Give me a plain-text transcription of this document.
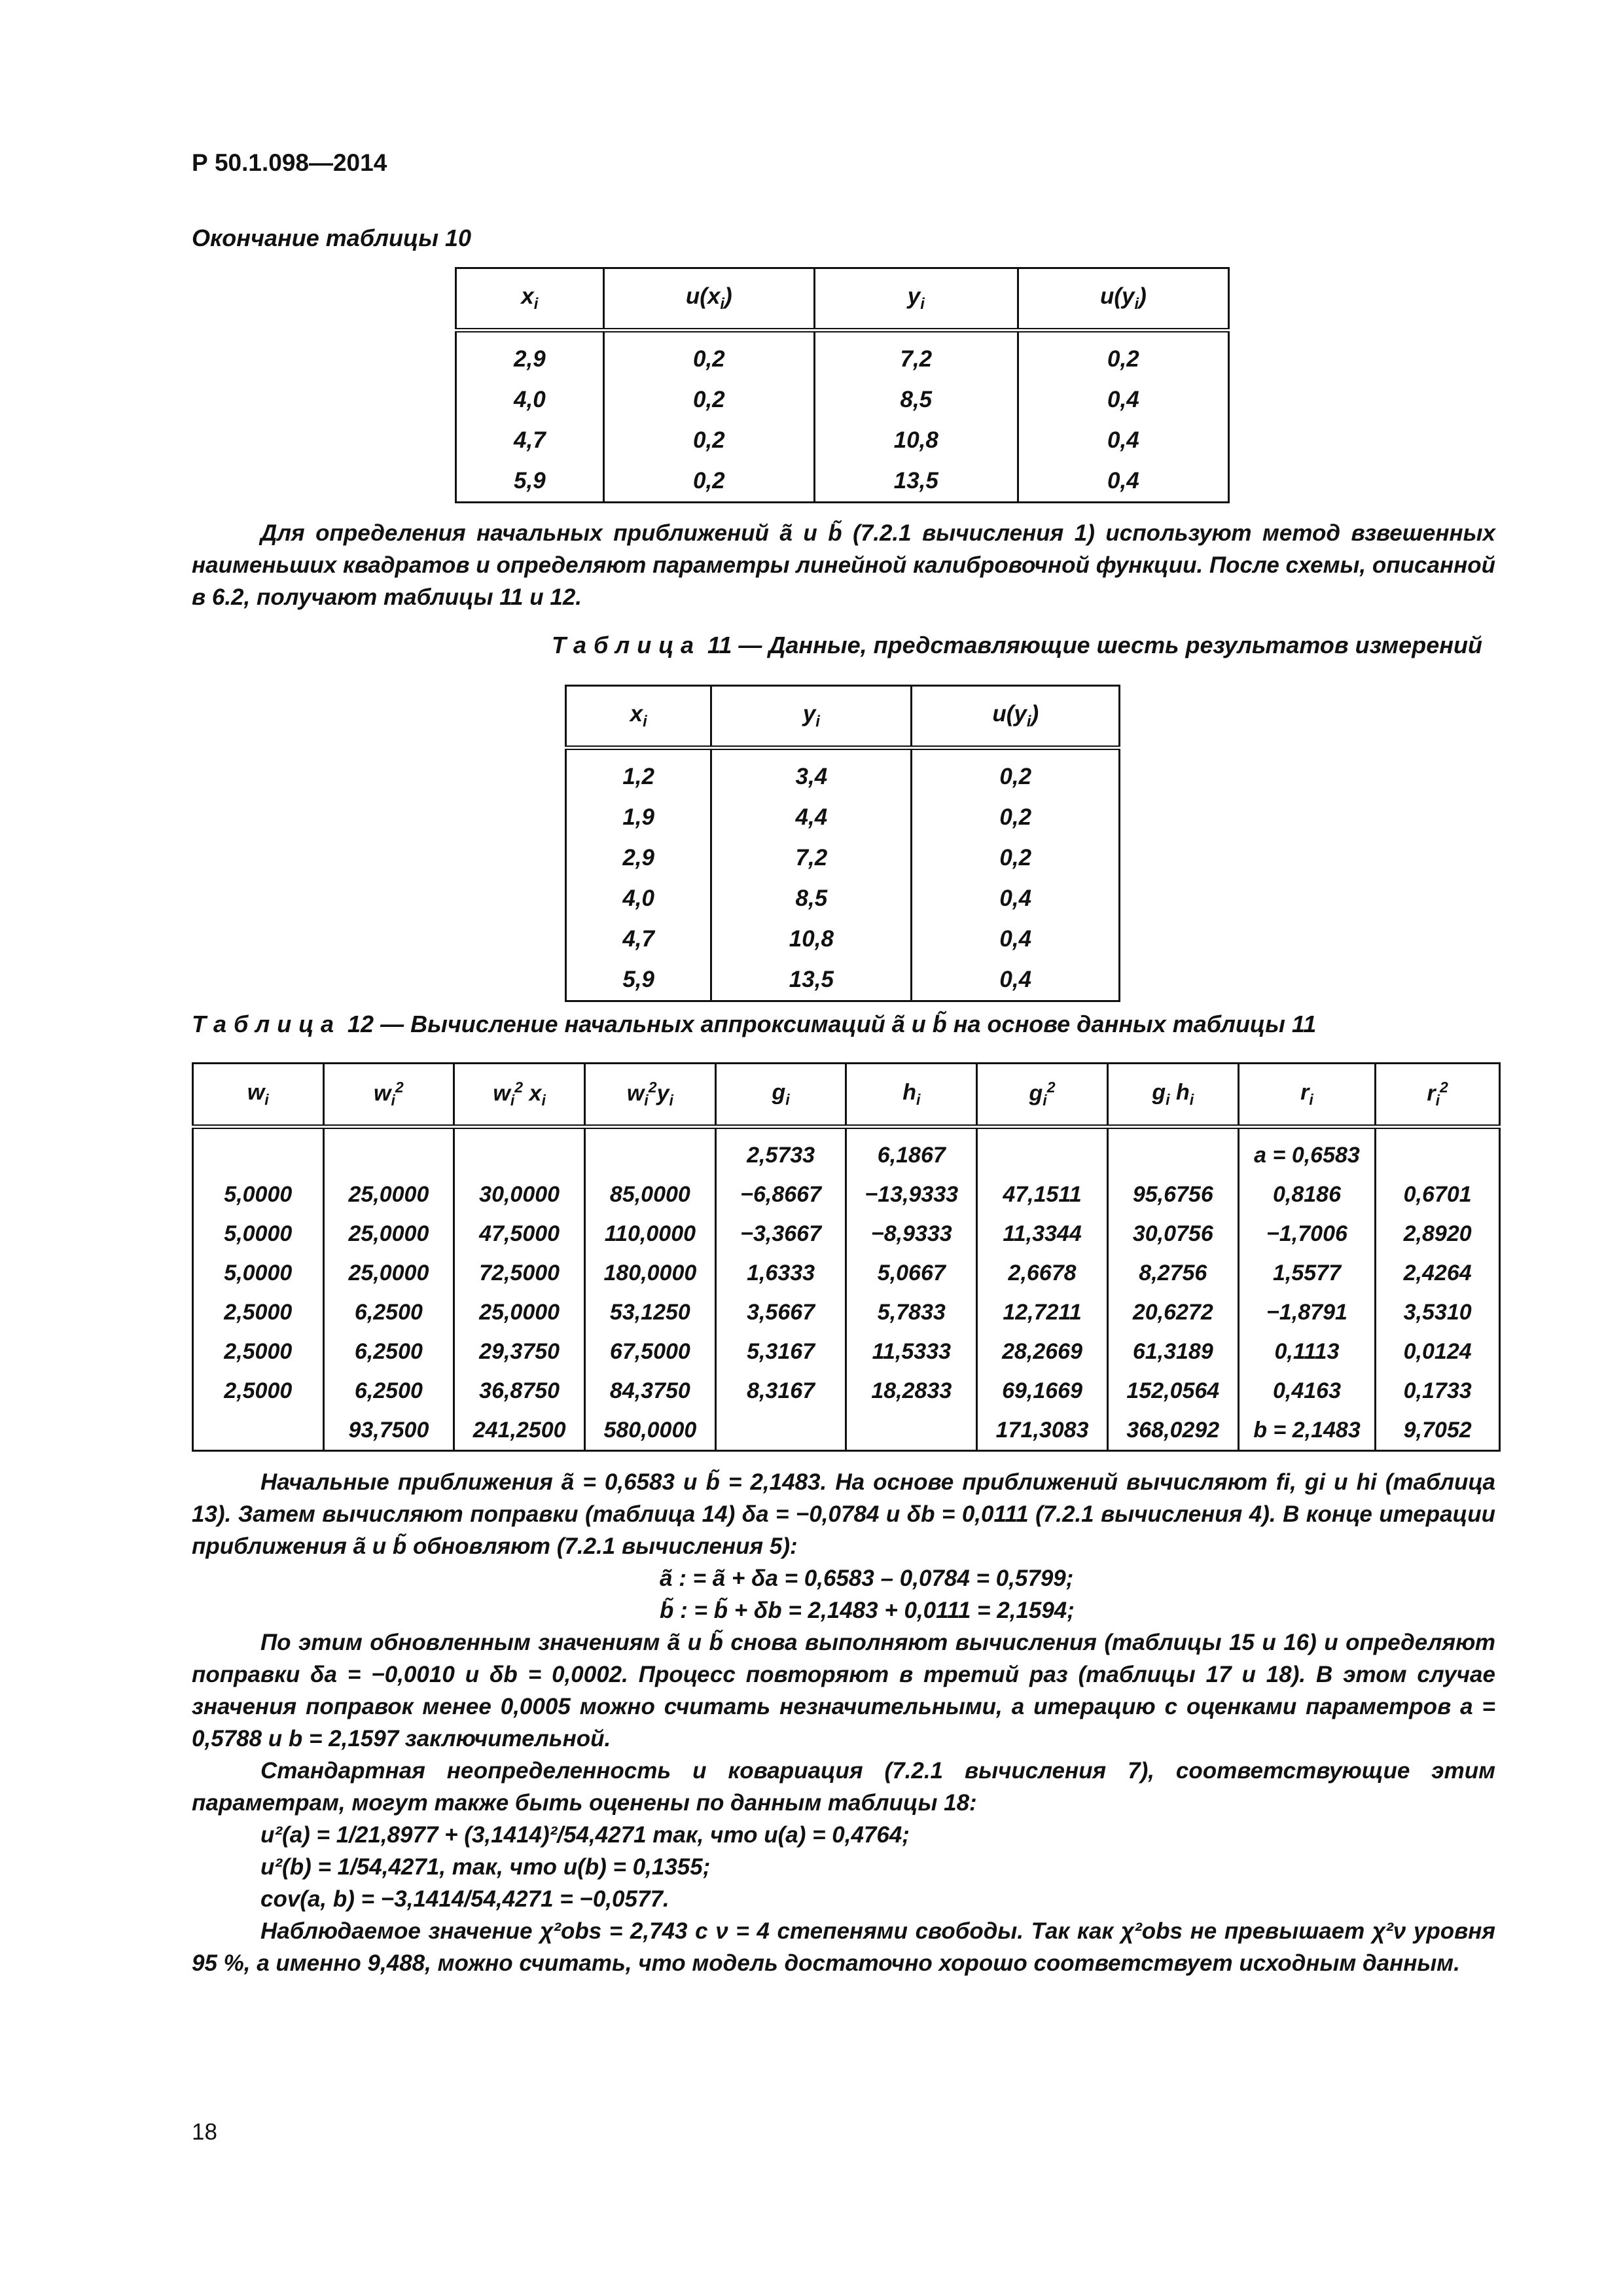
Р 50.1.098—2014
Окончание таблицы 10
$x_i$	$u(x_i)$	$y_i$	$u(y_i)$
2,9	0,2	7,2	0,2
4,0	0,2	8,5	0,4
4,7	0,2	10,8	0,4
5,9	0,2	13,5	0,4
Для определения начальных приближений ã и b̃ (7.2.1 вычисления 1) используют метод взвешенных наименьших квадратов и определяют параметры линейной калибровочной функции. После схемы, описанной в 6.2, получают таблицы 11 и 12.
Таблица 11 — Данные, представляющие шесть результатов измерений
$x_i$	$y_i$	$u(y_i)$
1,2	3,4	0,2
1,9	4,4	0,2
2,9	7,2	0,2
4,0	8,5	0,4
4,7	10,8	0,4
5,9	13,5	0,4
Таблица 12 — Вычисление начальных аппроксимаций ã и b̃ на основе данных таблицы 11
$w_i$	$w_i^2$	$w_i^2$ $x_i$	$w_i^2y_i$	$g_i$	$h_i$	$g_i^2$	$g_i$ $h_i$	$r_i$	$r_i^2$
				2,5733	6,1867			a = 0,6583	
5,0000	25,0000	30,0000	85,0000	−6,8667	−13,9333	47,1511	95,6756	0,8186	0,6701
5,0000	25,0000	47,5000	110,0000	−3,3667	−8,9333	11,3344	30,0756	−1,7006	2,8920
5,0000	25,0000	72,5000	180,0000	1,6333	5,0667	2,6678	8,2756	1,5577	2,4264
2,5000	6,2500	25,0000	53,1250	3,5667	5,7833	12,7211	20,6272	−1,8791	3,5310
2,5000	6,2500	29,3750	67,5000	5,3167	11,5333	28,2669	61,3189	0,1113	0,0124
2,5000	6,2500	36,8750	84,3750	8,3167	18,2833	69,1669	152,0564	0,4163	0,1733
	93,7500	241,2500	580,0000			171,3083	368,0292	b = 2,1483	9,7052
Начальные приближения ã = 0,6583 и b̃ = 2,1483. На основе приближений вычисляют fi, gi и hi (таблица 13). Затем вычисляют поправки (таблица 14) δa = −0,0784 и δb = 0,0111 (7.2.1 вычисления 4). В конце итерации приближения ã и b̃ обновляют (7.2.1 вычисления 5):
ã : = ã + δa = 0,6583 – 0,0784 = 0,5799;
b̃ : = b̃ + δb = 2,1483 + 0,0111 = 2,1594;
По этим обновленным значениям ã и b̃ снова выполняют вычисления (таблицы 15 и 16) и определяют поправки δa = −0,0010 и δb = 0,0002. Процесс повторяют в третий раз (таблицы 17 и 18). В этом случае значения поправок менее 0,0005 можно считать незначительными, а итерацию с оценками параметров a = 0,5788 и b = 2,1597 заключительной.
Стандартная неопределенность и ковариация (7.2.1 вычисления 7), соответствующие этим параметрам, могут также быть оценены по данным таблицы 18:
u²(a) = 1/21,8977 + (3,1414)²/54,4271 так, что u(a) = 0,4764;
u²(b) = 1/54,4271, так, что u(b) = 0,1355;
cov(a, b) = −3,1414/54,4271 = −0,0577.
Наблюдаемое значение χ²obs = 2,743 с ν = 4 степенями свободы. Так как χ²obs не превышает χ²ν уровня 95 %, а именно 9,488, можно считать, что модель достаточно хорошо соответствует исходным данным.
18
